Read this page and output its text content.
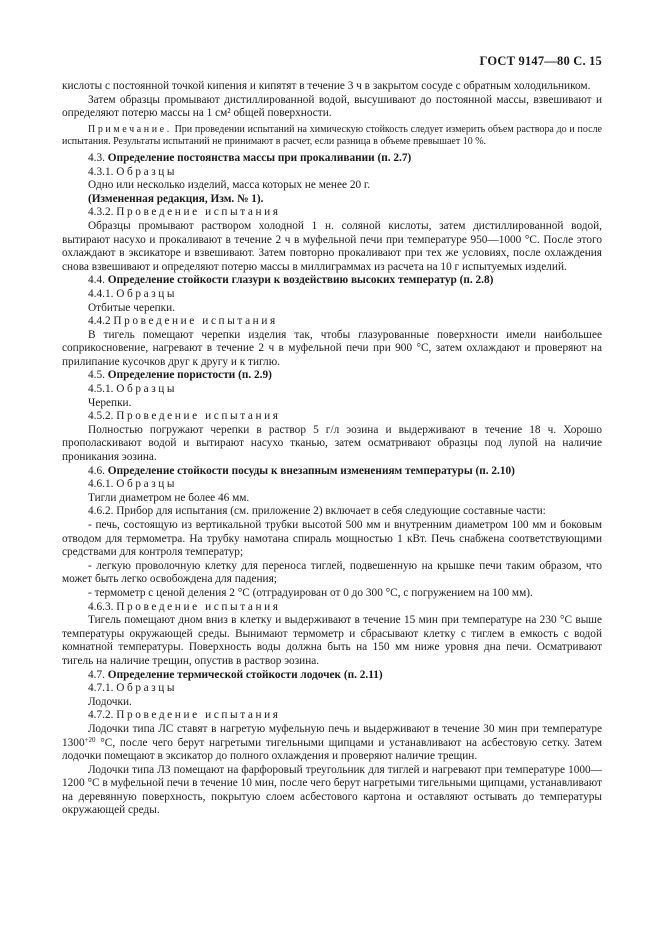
ГОСТ 9147—80 С. 15

кислоты с постоянной точкой кипения и кипятят в течение 3 ч в закрытом сосуде с обратным холодильником.

Затем образцы промывают дистиллированной водой, высушивают до постоянной массы, взвешивают и определяют потерю массы на 1 см² общей поверхности.

Примечание. При проведении испытаний на химическую стойкость следует измерить объем раствора до и после испытания. Результаты испытаний не принимают в расчет, если разница в объеме превышает 10 %.

4.3. Определение постоянства массы при прокаливании (п. 2.7)

4.3.1. Образцы

Одно или несколько изделий, масса которых не менее 20 г.

(Измененная редакция, Изм. № 1).

4.3.2. Проведение испытания

Образцы промывают раствором холодной 1 н. соляной кислоты, затем дистиллированной водой, вытирают насухо и прокаливают в течение 2 ч в муфельной печи при температуре 950—1000 °С. После этого охлаждают в эксикаторе и взвешивают. Затем повторно прокаливают при тех же условиях, после охлаждения снова взвешивают и определяют потерю массы в миллиграммах из расчета на 10 г испытуемых изделий.

4.4. Определение стойкости глазури к воздействию высоких температур (п. 2.8)

4.4.1. Образцы

Отбитые черепки.

4.4.2 Проведение испытания

В тигель помещают черепки изделия так, чтобы глазурованные поверхности имели наибольшее соприкосновение, нагревают в течение 2 ч в муфельной печи при 900 °С, затем охлаждают и проверяют на прилипание кусочков друг к другу и к тиглю.

4.5. Определение пористости (п. 2.9)

4.5.1. Образцы

Черепки.

4.5.2. Проведение испытания

Полностью погружают черепки в раствор 5 г/л эозина и выдерживают в течение 18 ч. Хорошо прополаскивают водой и вытирают насухо тканью, затем осматривают образцы под лупой на наличие проникания эозина.

4.6. Определение стойкости посуды к внезапным изменениям температуры (п. 2.10)

4.6.1. Образцы

Тигли диаметром не более 46 мм.

4.6.2. Прибор для испытания (см. приложение 2) включает в себя следующие составные части:

- печь, состоящую из вертикальной трубки высотой 500 мм и внутренним диаметром 100 мм и боковым отводом для термометра. На трубку намотана спираль мощностью 1 кВт. Печь снабжена соответствующими средствами для контроля температур;

- легкую проволочную клетку для переноса тиглей, подвешенную на крышке печи таким образом, что может быть легко освобождена для падения;

- термометр с ценой деления 2 °С (отградуирован от 0 до 300 °С, с погружением на 100 мм).

4.6.3. Проведение испытания

Тигель помещают дном вниз в клетку и выдерживают в течение 15 мин при температуре на 230 °С выше температуры окружающей среды. Вынимают термометр и сбрасывают клетку с тиглем в емкость с водой комнатной температуры. Поверхность воды должна быть на 150 мм ниже уровня дна печи. Осматривают тигель на наличие трещин, опустив в раствор эозина.

4.7. Определение термической стойкости лодочек (п. 2.11)

4.7.1. Образцы

Лодочки.

4.7.2. Проведение испытания

Лодочки типа ЛС ставят в нагретую муфельную печь и выдерживают в течение 30 мин при температуре $1300^{+20}$ °С, после чего берут нагретыми тигельными щипцами и устанавливают на асбестовую сетку. Затем лодочки помещают в эксикатор до полного охлаждения и проверяют наличие трещин.

Лодочки типа ЛЗ помещают на фарфоровый треугольник для тиглей и нагревают при температуре 1000—1200 °С в муфельной печи в течение 10 мин, после чего берут нагретыми тигельными щипцами, устанавливают на деревянную поверхность, покрытую слоем асбестового картона и оставляют остывать до температуры окружающей среды.
